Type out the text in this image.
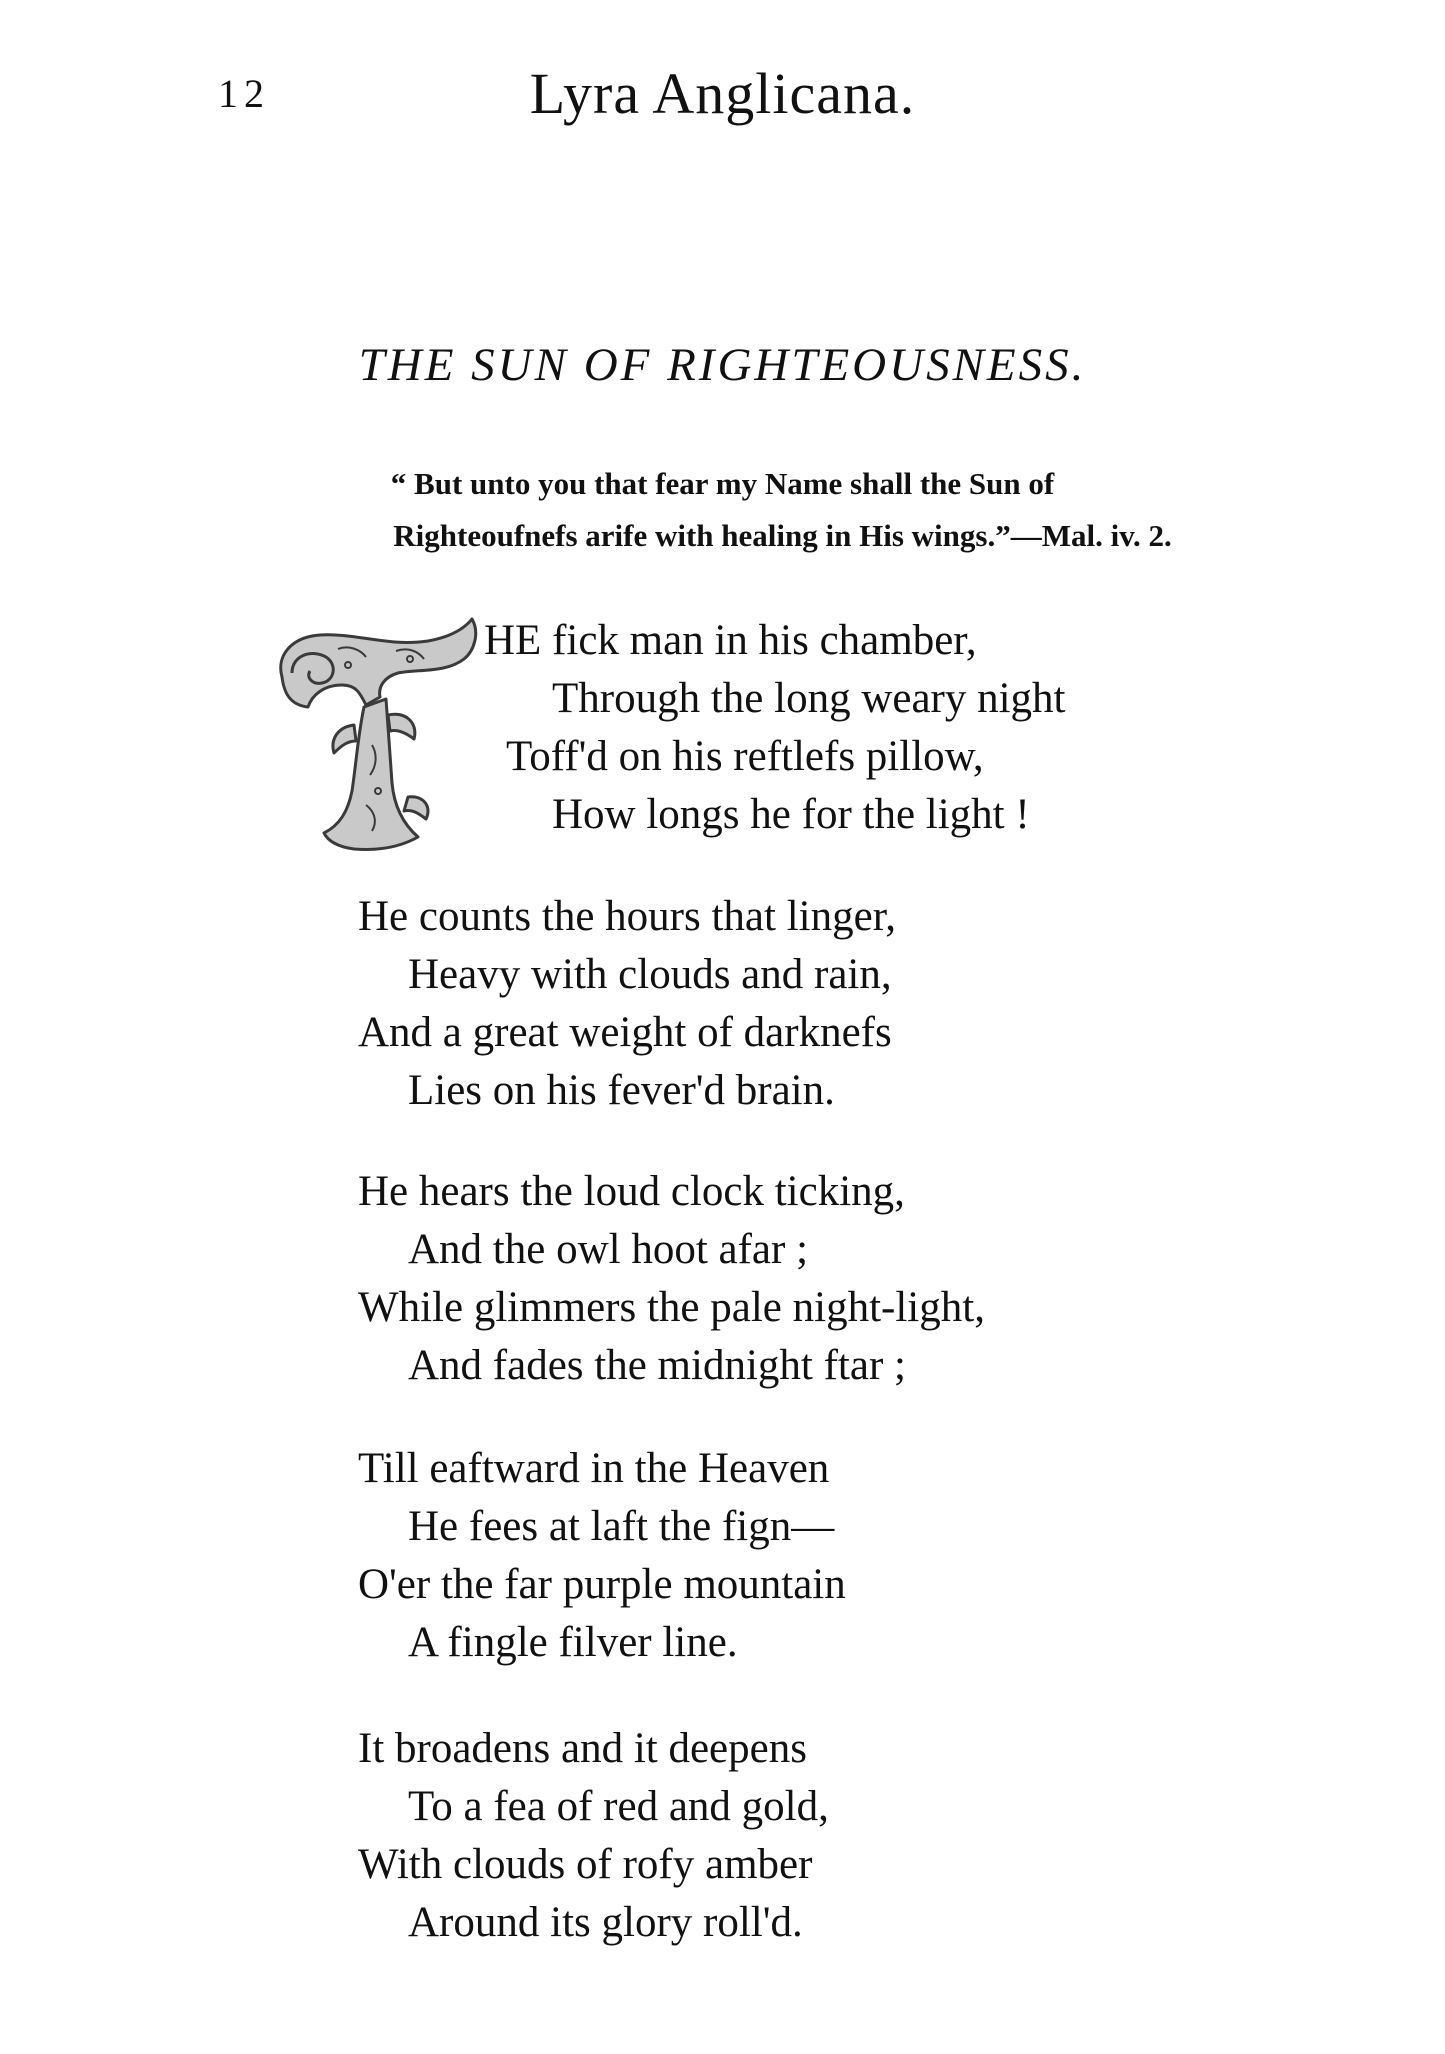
12	Lyra Anglicana.
THE SUN OF RIGHTEOUSNESS.
“ But unto you that fear my Name shall the Sun of
Righteoufnefs arife with healing in His wings.”—Mal. iv. 2.
HE fick man in his chamber,
Through the long weary night
Toff'd on his reftlefs pillow,
How longs he for the light !
He counts the hours that linger,
Heavy with clouds and rain,
And a great weight of darknefs
Lies on his fever'd brain.
He hears the loud clock ticking,
And the owl hoot afar ;
While glimmers the pale night-light,
And fades the midnight ftar ;
Till eaftward in the Heaven
He fees at laft the fign—
O'er the far purple mountain
A fingle filver line.
It broadens and it deepens
To a fea of red and gold,
With clouds of rofy amber
Around its glory roll'd.
